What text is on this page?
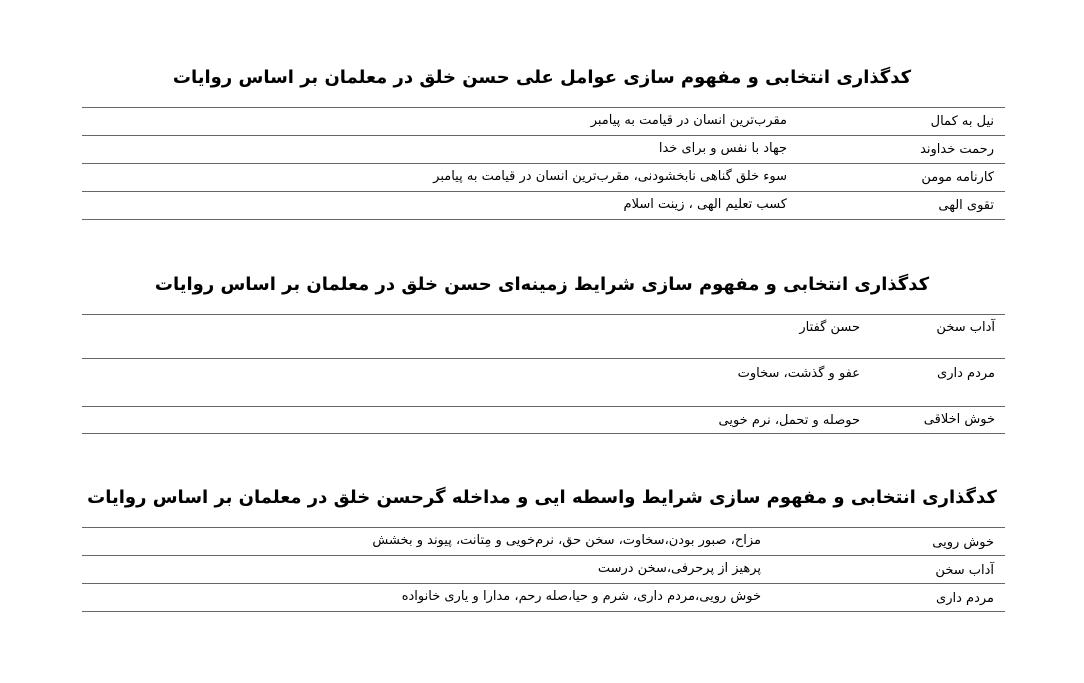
کدگذاری انتخابی و مفهوم سازی عوامل علی حسن خلق در معلمان بر اساس روایات
نیل به کمال
مقرب‌ترین انسان در قیامت به پیامبر
رحمت خداوند
جهاد با نفس و برای خدا
کارنامه مومن
سوء خلق گناهی نابخشودنی، مقرب‌ترین انسان در قیامت به پیامبر
تقوی الهی
کسب تعلیم الهی ، زینت اسلام
کدگذاری انتخابی و مفهوم سازی شرایط زمینه‌ای حسن خلق در معلمان بر اساس روایات
آداب سخن
حسن گفتار
مردم داری
عفو و گذشت، سخاوت
خوش اخلاقی
حوصله و تحمل، نرم خویی
کدگذاری انتخابی و مفهوم سازی شرایط واسطه ایی و مداخله گرحسن خلق در معلمان بر اساس روایات
خوش رویی
مزاح، صبور بودن،سخاوت، سخن حق، نرم‌خویی و مِتانت، پیوند و بخشش
آداب سخن
پرهیز از پرحرفی،سخن درست
مردم داری
خوش رویی،مردم داری، شرم و حیا،صله رحم، مدارا و یاری خانواده
